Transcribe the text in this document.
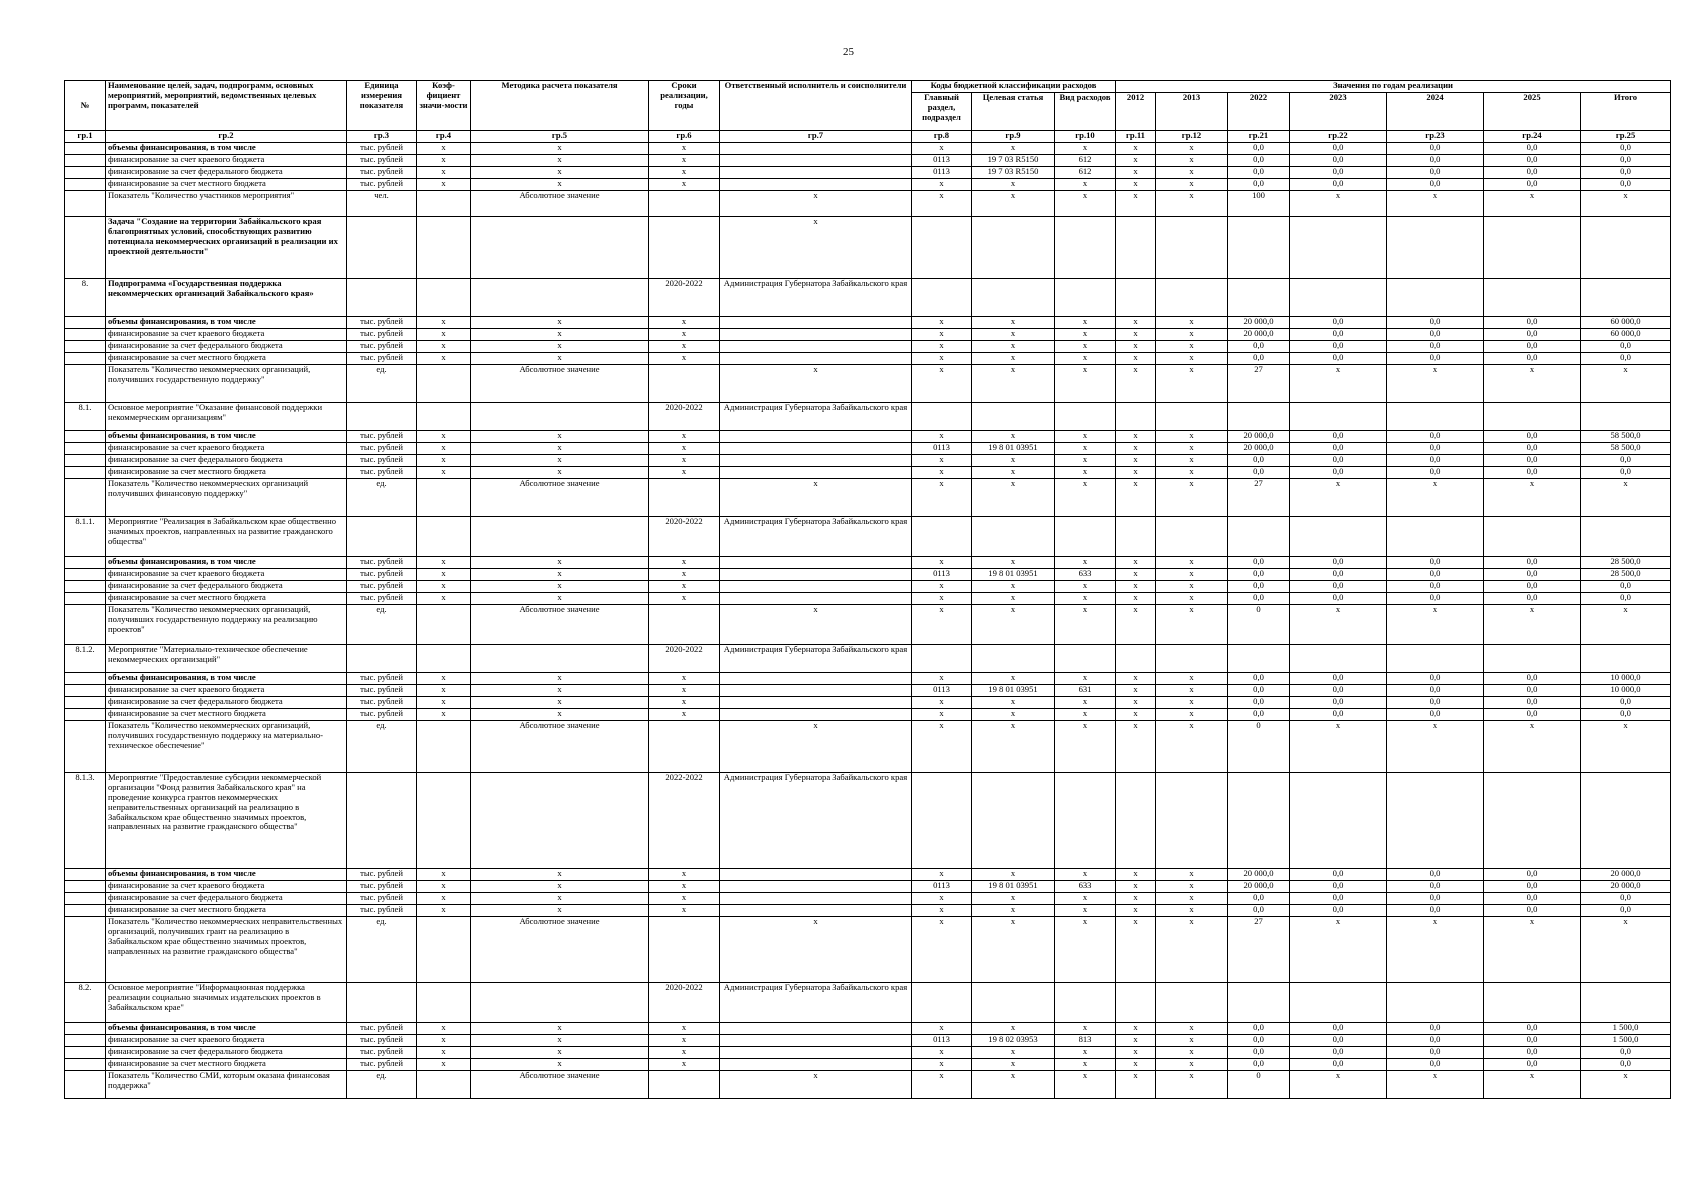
25
№	Наименование целей, задач, подпрограмм, основных мероприятий, мероприятий, ведомственных целевых программ, показателей	Единица измерения показателя	Коэф-фициент значи-мости	Методика расчета показателя	Сроки реализации, годы	Ответственный исполнитель и соисполнители	Коды бюджетной классификации расходов			Значения по годам реализации						
							Главный раздел, подраздел	Целевая статья	Вид расходов	2012	2013	2022	2023	2024	2025	Итого
гр.1	гр.2	гр.3	гр.4	гр.5	гр.6	гр.7	гр.8	гр.9	гр.10	гр.11	гр.12	гр.21	гр.22	гр.23	гр.24	гр.25
	объемы финансирования, в том числе	тыс. рублей	x	x	x		x	x	x	x	x	0,0	0,0	0,0	0,0	0,0
	финансирование за счет краевого бюджета	тыс. рублей	x	x	x		0113	19 7 03 R5150	612	x	x	0,0	0,0	0,0	0,0	0,0
	финансирование за счет федерального бюджета	тыс. рублей	x	x	x		0113	19 7 03 R5150	612	x	x	0,0	0,0	0,0	0,0	0,0
	финансирование за счет местного бюджета	тыс. рублей	x	x	x		x	x	x	x	x	0,0	0,0	0,0	0,0	0,0
	Показатель "Количество участников мероприятия"	чел.		Абсолютное значение		x	x	x	x	x	x	100	x	x	x	x
	Задача "Создание на территории Забайкальского края благоприятных условий, способствующих развитию потенциала некоммерческих организаций в реализации их проектной деятельности"					x										
8.	Подпрограмма «Государственная поддержка некоммерческих организаций Забайкальского края»				2020-2022	Администрация Губернатора Забайкальского края										
	объемы финансирования, в том числе	тыс. рублей	x	x	x		x	x	x	x	x	20 000,0	0,0	0,0	0,0	60 000,0
	финансирование за счет краевого бюджета	тыс. рублей	x	x	x		x	x	x	x	x	20 000,0	0,0	0,0	0,0	60 000,0
	финансирование за счет федерального бюджета	тыс. рублей	x	x	x		x	x	x	x	x	0,0	0,0	0,0	0,0	0,0
	финансирование за счет местного бюджета	тыс. рублей	x	x	x		x	x	x	x	x	0,0	0,0	0,0	0,0	0,0
	Показатель "Количество некоммерческих организаций, получивших государственную поддержку"	ед.		Абсолютное значение		x	x	x	x	x	x	27	x	x	x	x
8.1.	Основное мероприятие "Оказание финансовой поддержки некоммерческим организациям"				2020-2022	Администрация Губернатора Забайкальского края										
	объемы финансирования, в том числе	тыс. рублей	x	x	x		x	x	x	x	x	20 000,0	0,0	0,0	0,0	58 500,0
	финансирование за счет краевого бюджета	тыс. рублей	x	x	x		0113	19 8 01 03951	x	x	x	20 000,0	0,0	0,0	0,0	58 500,0
	финансирование за счет федерального бюджета	тыс. рублей	x	x	x		x	x	x	x	x	0,0	0,0	0,0	0,0	0,0
	финансирование за счет местного бюджета	тыс. рублей	x	x	x		x	x	x	x	x	0,0	0,0	0,0	0,0	0,0
	Показатель "Количество некоммерческих организаций получивших финансовую поддержку"	ед.		Абсолютное значение		x	x	x	x	x	x	27	x	x	x	x
8.1.1.	Мероприятие "Реализация в Забайкальском крае общественно значимых проектов, направленных на развитие гражданского общества"				2020-2022	Администрация Губернатора Забайкальского края										
	объемы финансирования, в том числе	тыс. рублей	x	x	x		x	x	x	x	x	0,0	0,0	0,0	0,0	28 500,0
	финансирование за счет краевого бюджета	тыс. рублей	x	x	x		0113	19 8 01 03951	633	x	x	0,0	0,0	0,0	0,0	28 500,0
	финансирование за счет федерального бюджета	тыс. рублей	x	x	x		x	x	x	x	x	0,0	0,0	0,0	0,0	0,0
	финансирование за счет местного бюджета	тыс. рублей	x	x	x		x	x	x	x	x	0,0	0,0	0,0	0,0	0,0
	Показатель "Количество некоммерческих организаций, получивших государственную поддержку на реализацию проектов"	ед.		Абсолютное значение		x	x	x	x	x	x	0	x	x	x	x
8.1.2.	Мероприятие "Материально-техническое обеспечение некоммерческих организаций"				2020-2022	Администрация Губернатора Забайкальского края										
	объемы финансирования, в том числе	тыс. рублей	x	x	x		x	x	x	x	x	0,0	0,0	0,0	0,0	10 000,0
	финансирование за счет краевого бюджета	тыс. рублей	x	x	x		0113	19 8 01 03951	631	x	x	0,0	0,0	0,0	0,0	10 000,0
	финансирование за счет федерального бюджета	тыс. рублей	x	x	x		x	x	x	x	x	0,0	0,0	0,0	0,0	0,0
	финансирование за счет местного бюджета	тыс. рублей	x	x	x		x	x	x	x	x	0,0	0,0	0,0	0,0	0,0
	Показатель "Количество некоммерческих организаций, получивших государственную поддержку на материально-техническое обеспечение"	ед.		Абсолютное значение		x	x	x	x	x	x	0	x	x	x	x
8.1.3.	Мероприятие "Предоставление субсидии некоммерческой организации "Фонд развития Забайкальского края" на проведение конкурса грантов некоммерческих неправительственных организаций на реализацию в Забайкальском крае общественно значимых проектов, направленных на развитие гражданского общества"				2022-2022	Администрация Губернатора Забайкальского края										
	объемы финансирования, в том числе	тыс. рублей	x	x	x		x	x	x	x	x	20 000,0	0,0	0,0	0,0	20 000,0
	финансирование за счет краевого бюджета	тыс. рублей	x	x	x		0113	19 8 01 03951	633	x	x	20 000,0	0,0	0,0	0,0	20 000,0
	финансирование за счет федерального бюджета	тыс. рублей	x	x	x		x	x	x	x	x	0,0	0,0	0,0	0,0	0,0
	финансирование за счет местного бюджета	тыс. рублей	x	x	x		x	x	x	x	x	0,0	0,0	0,0	0,0	0,0
	Показатель "Количество некоммерческих неправительственных организаций, получивших грант на реализацию в Забайкальском крае общественно значимых проектов, направленных на развитие гражданского общества"	ед.		Абсолютное значение		x	x	x	x	x	x	27	x	x	x	x
8.2.	Основное мероприятие "Информационная поддержка реализации социально значимых издательских проектов в Забайкальском крае"				2020-2022	Администрация Губернатора Забайкальского края										
	объемы финансирования, в том числе	тыс. рублей	x	x	x		x	x	x	x	x	0,0	0,0	0,0	0,0	1 500,0
	финансирование за счет краевого бюджета	тыс. рублей	x	x	x		0113	19 8 02 03953	813	x	x	0,0	0,0	0,0	0,0	1 500,0
	финансирование за счет федерального бюджета	тыс. рублей	x	x	x		x	x	x	x	x	0,0	0,0	0,0	0,0	0,0
	финансирование за счет местного бюджета	тыс. рублей	x	x	x		x	x	x	x	x	0,0	0,0	0,0	0,0	0,0
	Показатель "Количество СМИ, которым оказана финансовая поддержка"	ед.		Абсолютное значение		x	x	x	x	x	x	0	x	x	x	x
